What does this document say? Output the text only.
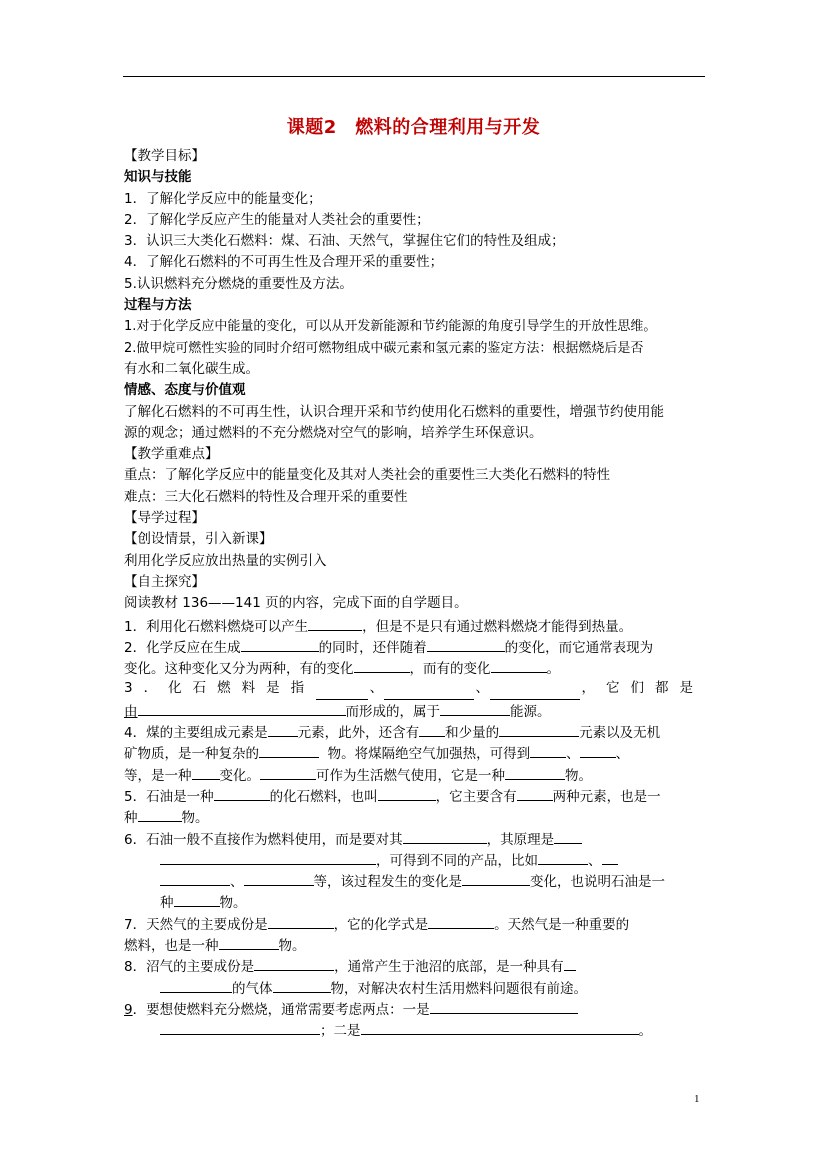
课题2　燃料的合理利用与开发
【教学目标】
知识与技能
1．了解化学反应中的能量变化；
2．了解化学反应产生的能量对人类社会的重要性；
3．认识三大类化石燃料：煤、石油、天然气，掌握住它们的特性及组成；
4．了解化石燃料的不可再生性及合理开采的重要性；
5.认识燃料充分燃烧的重要性及方法。
过程与方法
1.对于化学反应中能量的变化，可以从开发新能源和节约能源的角度引导学生的开放性思维。
2.做甲烷可燃性实验的同时介绍可燃物组成中碳元素和氢元素的鉴定方法：根据燃烧后是否
有水和二氧化碳生成。
情感、态度与价值观
了解化石燃料的不可再生性，认识合理开采和节约使用化石燃料的重要性，增强节约使用能
源的观念；通过燃料的不充分燃烧对空气的影响，培养学生环保意识。
【教学重难点】
重点：了解化学反应中的能量变化及其对人类社会的重要性三大类化石燃料的特性
难点：三大化石燃料的特性及合理开采的重要性
【导学过程】
【创设情景，引入新课】
利用化学反应放出热量的实例引入
【自主探究】
阅读教材 136——141 页的内容，完成下面的自学题目。
1．利用化石燃料燃烧可以产生	，但是不是只有通过燃料燃烧才能得到热量。
2．化学反应在生成	的同时，还伴随着	的变化，而它通常表现为
变化。这种变化又分为两种，有的变化	，而有的变化	。
3．化石燃料是指	、	、	，它们都是
由	而形成的，属于	能源。
4．煤的主要组成元素是 元素，此外，还含有 和少量的	元素以及无机
矿物质，是一种复杂的	物。将煤隔绝空气加强热，可得到	、	、
等，是一种 变化。	可作为生活燃气使用，它是一种	物。
5．石油是一种	的化石燃料，也叫	，它主要含有	两种元素，也是一
种	物。
6．石油一般不直接作为燃料使用，而是要对其	，其原理是
，可得到不同的产品，比如	、
、	等，该过程发生的变化是	变化，也说明石油是一
种	物。
7．天然气的主要成份是	，它的化学式是	。天然气是一种重要的
燃料，也是一种	物。
8．沼气的主要成份是	，通常产生于池沼的底部，是一种具有
的气体	物，对解决农村生活用燃料问题很有前途。
9．要想使燃料充分燃烧，通常需要考虑两点：一是
；二是	。
1
